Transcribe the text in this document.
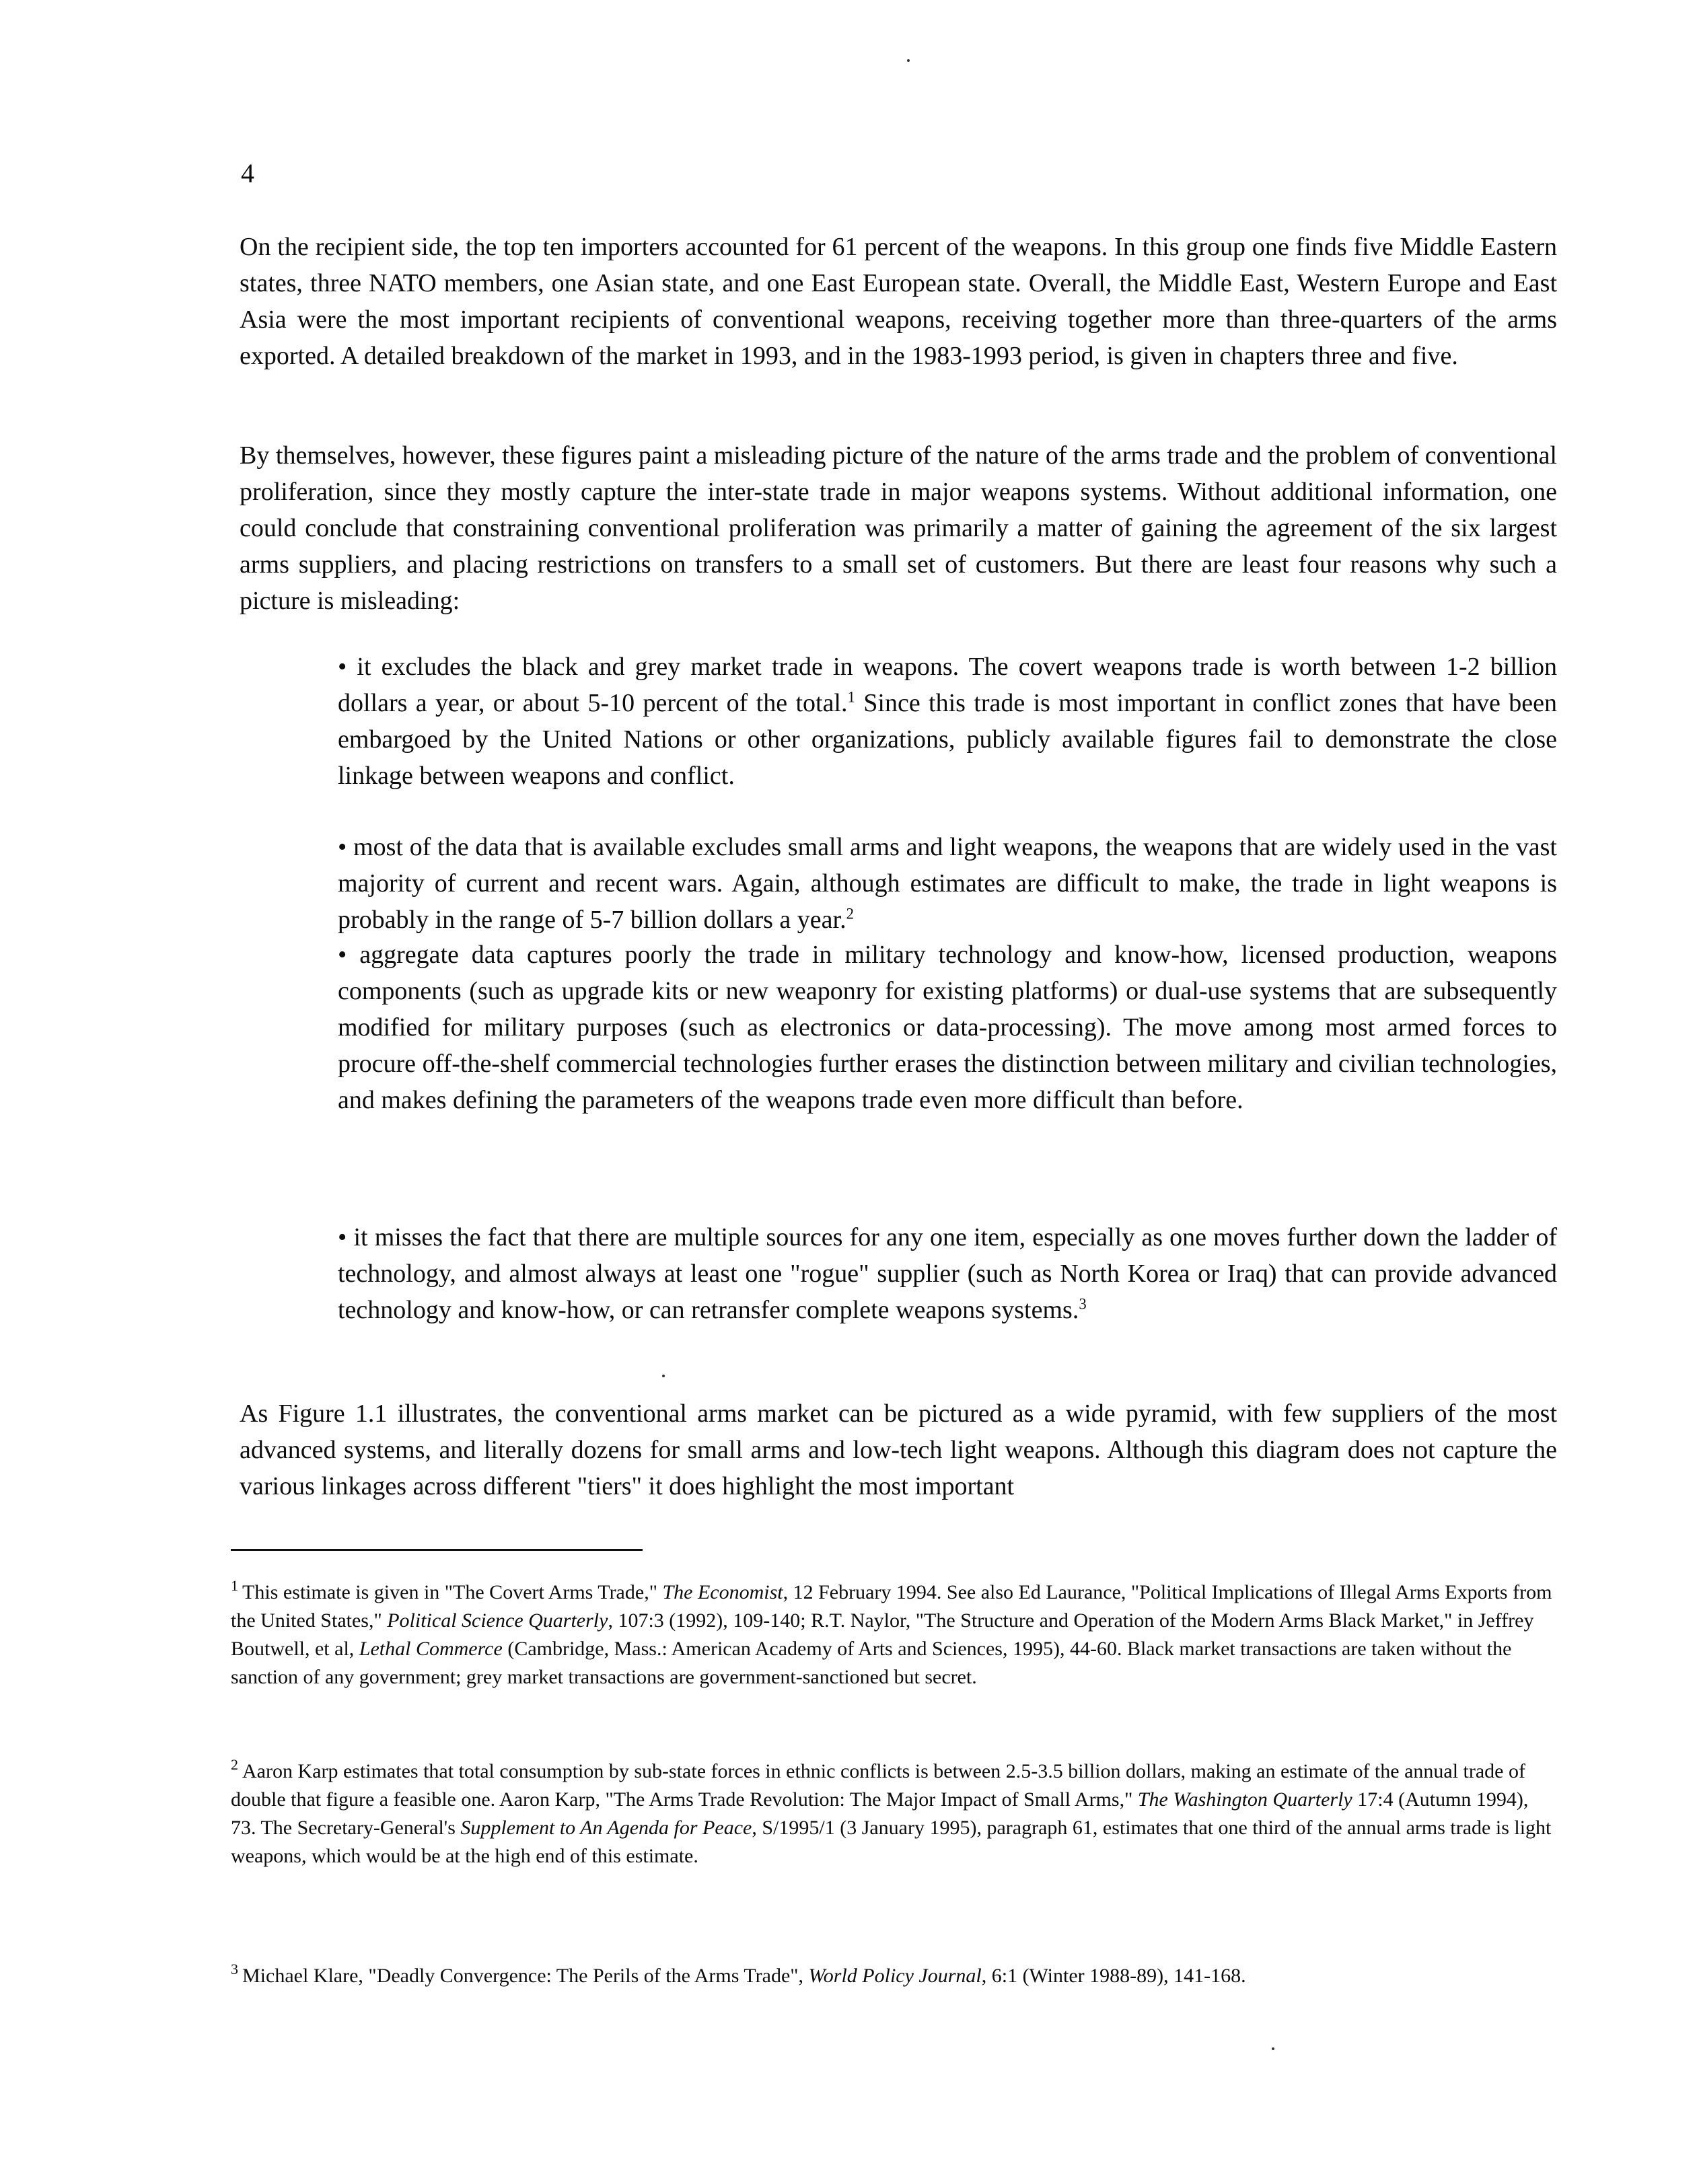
4

On the recipient side, the top ten importers accounted for 61 percent of the weapons. In this group one finds five Middle Eastern states, three NATO members, one Asian state, and one East European state. Overall, the Middle East, Western Europe and East Asia were the most important recipients of conventional weapons, receiving together more than three-quarters of the arms exported. A detailed breakdown of the market in 1993, and in the 1983-1993 period, is given in chapters three and five.

By themselves, however, these figures paint a misleading picture of the nature of the arms trade and the problem of conventional proliferation, since they mostly capture the inter-state trade in major weapons systems. Without additional information, one could conclude that constraining conventional proliferation was primarily a matter of gaining the agreement of the six largest arms suppliers, and placing restrictions on transfers to a small set of customers. But there are least four reasons why such a picture is misleading:

• it excludes the black and grey market trade in weapons. The covert weapons trade is worth between 1-2 billion dollars a year, or about 5-10 percent of the total.$^1$ Since this trade is most important in conflict zones that have been embargoed by the United Nations or other organizations, publicly available figures fail to demonstrate the close linkage between weapons and conflict.

• most of the data that is available excludes small arms and light weapons, the weapons that are widely used in the vast majority of current and recent wars. Again, although estimates are difficult to make, the trade in light weapons is probably in the range of 5-7 billion dollars a year.$^2$

• aggregate data captures poorly the trade in military technology and know-how, licensed production, weapons components (such as upgrade kits or new weaponry for existing platforms) or dual-use systems that are subsequently modified for military purposes (such as electronics or data-processing). The move among most armed forces to procure off-the-shelf commercial technologies further erases the distinction between military and civilian technologies, and makes defining the parameters of the weapons trade even more difficult than before.

• it misses the fact that there are multiple sources for any one item, especially as one moves further down the ladder of technology, and almost always at least one "rogue" supplier (such as North Korea or Iraq) that can provide advanced technology and know-how, or can retransfer complete weapons systems.$^3$

As Figure 1.1 illustrates, the conventional arms market can be pictured as a wide pyramid, with few suppliers of the most advanced systems, and literally dozens for small arms and low-tech light weapons. Although this diagram does not capture the various linkages across different "tiers" it does highlight the most important

$^1$ This estimate is given in "The Covert Arms Trade," The Economist, 12 February 1994. See also Ed Laurance, "Political Implications of Illegal Arms Exports from the United States," Political Science Quarterly, 107:3 (1992), 109-140; R.T. Naylor, "The Structure and Operation of the Modern Arms Black Market," in Jeffrey Boutwell, et al, Lethal Commerce (Cambridge, Mass.: American Academy of Arts and Sciences, 1995), 44-60. Black market transactions are taken without the sanction of any government; grey market transactions are government-sanctioned but secret.

$^2$ Aaron Karp estimates that total consumption by sub-state forces in ethnic conflicts is between 2.5-3.5 billion dollars, making an estimate of the annual trade of double that figure a feasible one. Aaron Karp, "The Arms Trade Revolution: The Major Impact of Small Arms," The Washington Quarterly 17:4 (Autumn 1994), 73. The Secretary-General's Supplement to An Agenda for Peace, S/1995/1 (3 January 1995), paragraph 61, estimates that one third of the annual arms trade is light weapons, which would be at the high end of this estimate.

$^3$ Michael Klare, "Deadly Convergence: The Perils of the Arms Trade", World Policy Journal, 6:1 (Winter 1988-89), 141-168.
